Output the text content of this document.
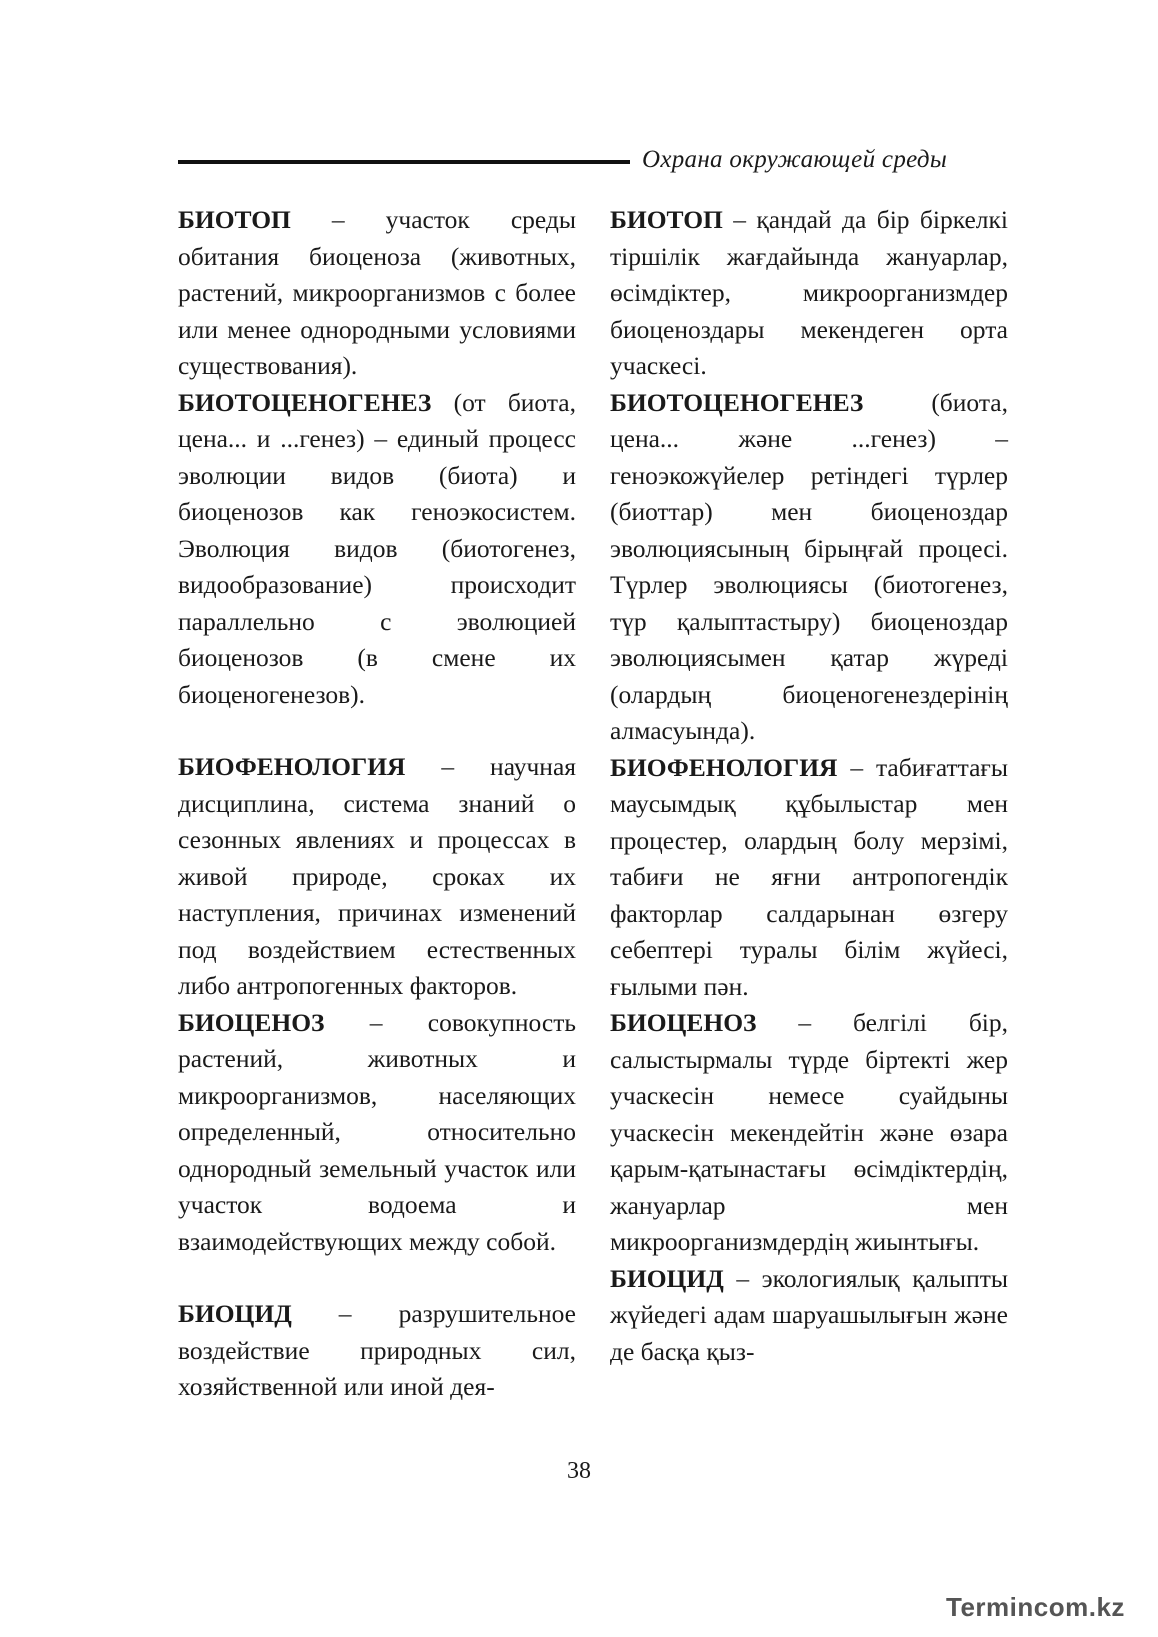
Охрана окружающей среды

БИОТОП – участок среды обитания биоценоза (животных, растений, микроорганизмов с более или менее однородными условиями существования).

БИОТОЦЕНОГЕНЕЗ (от биота, цена... и ...генез) – единый процесс эволюции видов (биота) и биоценозов как геноэкосистем. Эволюция видов (биотогенез, видообразование) происходит параллельно с эволюцией биоценозов (в смене их биоценогенезов).

БИОФЕНОЛОГИЯ – научная дисциплина, система знаний о сезонных явлениях и процессах в живой природе, сроках их наступления, причинах изменений под воздействием естественных либо антропогенных факторов.

БИОЦЕНОЗ – совокупность растений, животных и микроорганизмов, населяющих определенный, относительно однородный земельный участок или участок водоема и взаимодействующих между собой.

БИОЦИД – разрушительное воздействие природных сил, хозяйственной или иной дея-

БИОТОП – қандай да бір біркелкі тіршілік жағдайында жануарлар, өсімдіктер, микроорганизмдер биоценоздары мекендеген орта учаскесі.

БИОТОЦЕНОГЕНЕЗ (биота, цена... және ...генез) – геноэкожүйелер ретіндегі түрлер (биоттар) мен биоценоздар эволюциясының бірыңғай процесі. Түрлер эволюциясы (биотогенез, түр қалыптастыру) биоценоздар эволюциясымен қатар жүреді (олардың биоценогенездерінің алмасуында).

БИОФЕНОЛОГИЯ – табиғаттағы маусымдық құбылыстар мен процестер, олардың болу мерзімі, табиғи не яғни антропогендік факторлар салдарынан өзгеру себептері туралы білім жүйесі, ғылыми пән.

БИОЦЕНОЗ – белгілі бір, салыстырмалы түрде біртекті жер учаскесін немесе суайдыны учаскесін мекендейтін және өзара қарым-қатынастағы өсімдіктердің, жануарлар мен микроорганизмдердің жиынтығы.

БИОЦИД – экологиялық қалыпты жүйедегі адам шаруашылығын және де басқа қыз-

38
Termincom.kz
